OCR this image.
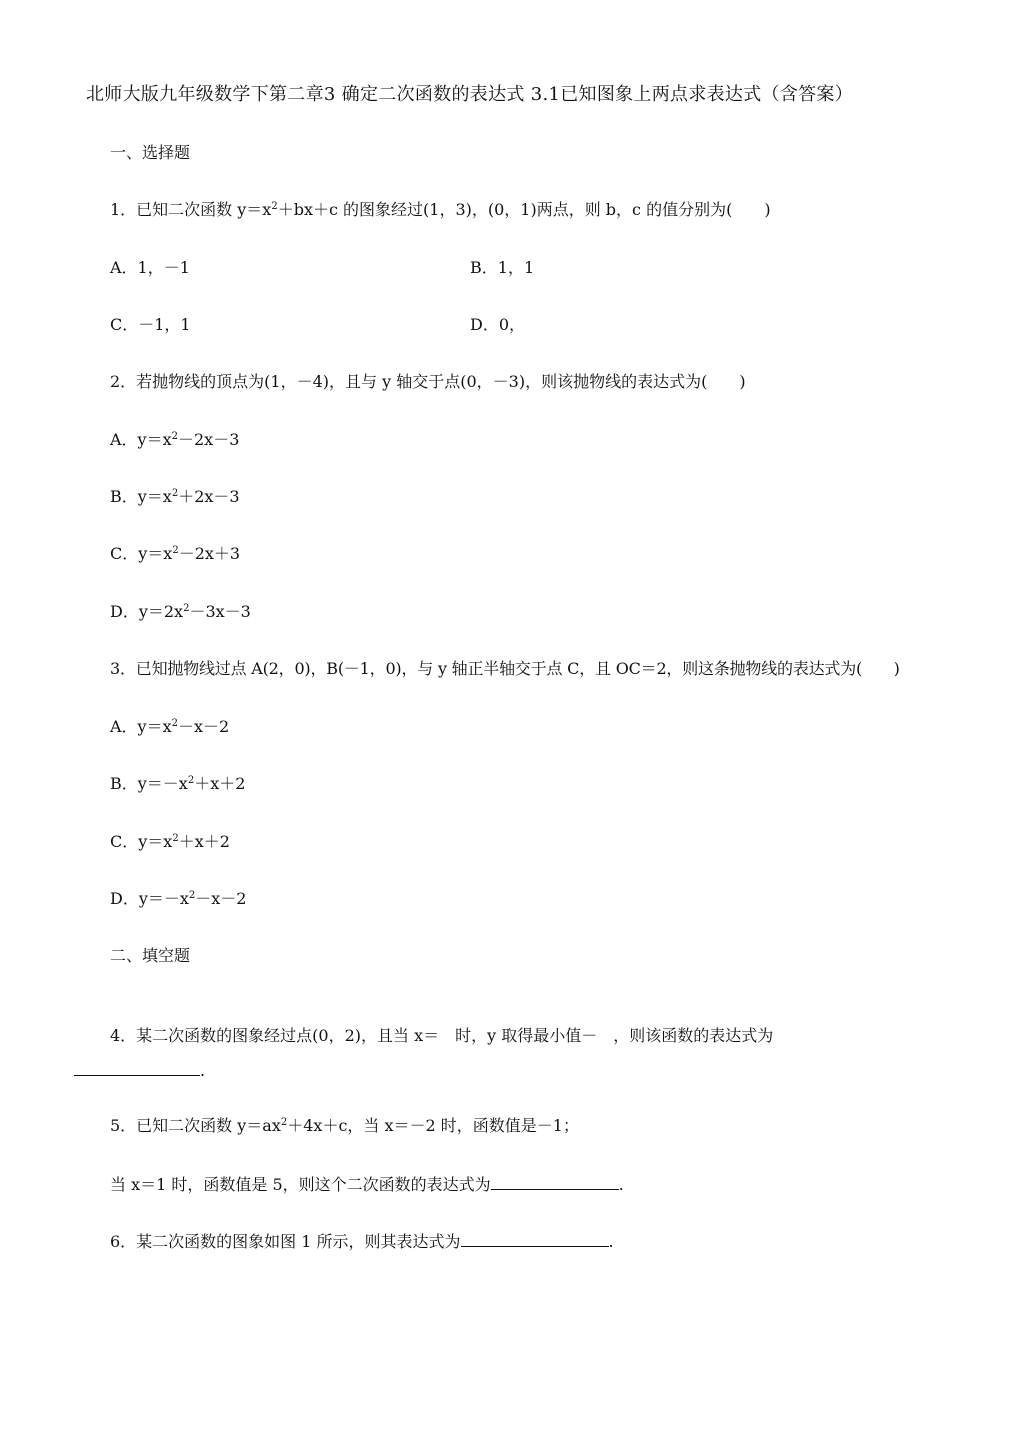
北师大版九年级数学下第二章3 确定二次函数的表达式 3.1已知图象上两点求表达式（含答案）
一、选择题
1．已知二次函数 $y=x^2+bx+c$ 的图象经过(1，3)，(0，1)两点，则 b，c 的值分别为(　　)
A．1，－1	B．1，1
C．－1，1	D．0，
2．若抛物线的顶点为(1，－4)，且与 y 轴交于点(0，－3)，则该抛物线的表达式为(　　)
A．$y=x^2-2x-3$
B．$y=x^2+2x-3$
C．$y=x^2-2x+3$
D．$y=2x^2-3x-3$
3．已知抛物线过点 A(2，0)，B(－1，0)，与 y 轴正半轴交于点 C，且 OC＝2，则这条抛物线的表达式为(　　)
A．$y=x^2-x-2$
B．$y=-x^2+x+2$
C．$y=x^2+x+2$
D．$y=-x^2-x-2$
二、填空题
4．某二次函数的图象经过点(0，2)，且当 x＝　时，y 取得最小值－　，则该函数的表达式为
.
5．已知二次函数 $y=ax^2+4x+c$，当 x＝－2 时，函数值是－1；
当 x＝1 时，函数值是 5，则这个二次函数的表达式为	.
6．某二次函数的图象如图 1 所示，则其表达式为	.
